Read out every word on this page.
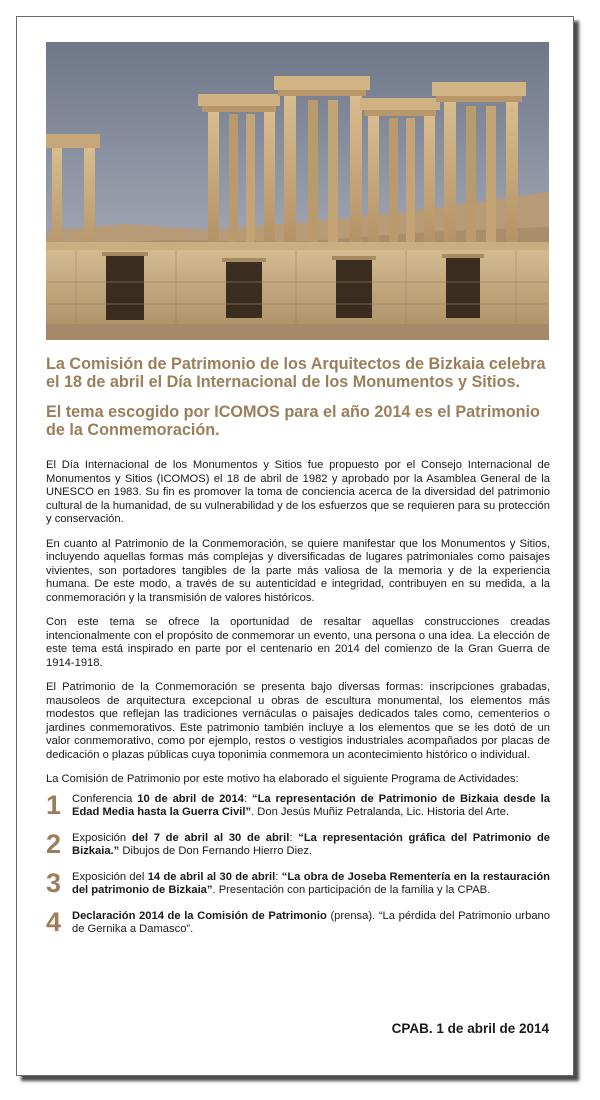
La Comisión de Patrimonio de los Arquitectos de Bizkaia celebra el 18 de abril el Día Internacional de los Monumentos y Sitios.

El tema escogido por ICOMOS para el año 2014 es el Patrimonio de la Conmemoración.

El Día Internacional de los Monumentos y Sitios fue propuesto por el Consejo Internacional de Monumentos y Sitios (ICOMOS) el 18 de abril de 1982 y aprobado por la Asamblea General de la UNESCO en 1983. Su fin es promover la toma de conciencia acerca de la diversidad del patrimonio cultural de la humanidad, de su vulnerabilidad y de los esfuerzos que se requieren para su protección y conservación.

En cuanto al Patrimonio de la Conmemoración, se quiere manifestar que los Monumentos y Sitios, incluyendo aquellas formas más complejas y diversificadas de lugares patrimoniales como paisajes vivientes, son portadores tangibles de la parte más valiosa de la memoria y de la experiencia humana. De este modo, a través de su autenticidad e integridad, contribuyen en su medida, a la conmemoración y la transmisión de valores históricos.

Con este tema se ofrece la oportunidad de resaltar aquellas construcciones creadas intencionalmente con el propósito de conmemorar un evento, una persona o una idea. La elección de este tema está inspirado en parte por el centenario en 2014 del comienzo de la Gran Guerra de 1914-1918.

El Patrimonio de la Conmemoración se presenta bajo diversas formas: inscripciones grabadas, mausoleos de arquitectura excepcional u obras de escultura monumental, los elementos más modestos que reflejan las tradiciones vernáculas o paisajes dedicados tales como, cementerios o jardines conmemorativos. Este patrimonio también incluye a los elementos que se les dotó de un valor conmemorativo, como por ejemplo, restos o vestigios industriales acompañados por placas de dedicación o plazas públicas cuya toponimia conmemora un acontecimiento histórico o individual.

La Comisión de Patrimonio por este motivo ha elaborado el siguiente Programa de Actividades:
1 Conferencia 10 de abril de 2014: “La representación de Patrimonio de Bizkaia desde la Edad Media hasta la Guerra Civil”. Don Jesús Muñiz Petralanda, Lic. Historia del Arte.
2 Exposición del 7 de abril al 30 de abril: “La representación gráfica del Patrimonio de Bizkaia.” Dibujos de Don Fernando Hierro Diez.
3 Exposición del 14 de abril al 30 de abril: “La obra de Joseba Rementería en la restauración del patrimonio de Bizkaia”. Presentación con participación de la familia y la CPAB.
4 Declaración 2014 de la Comisión de Patrimonio (prensa). “La pérdida del Patrimonio urbano de Gernika a Damasco”.
CPAB. 1 de abril de 2014
